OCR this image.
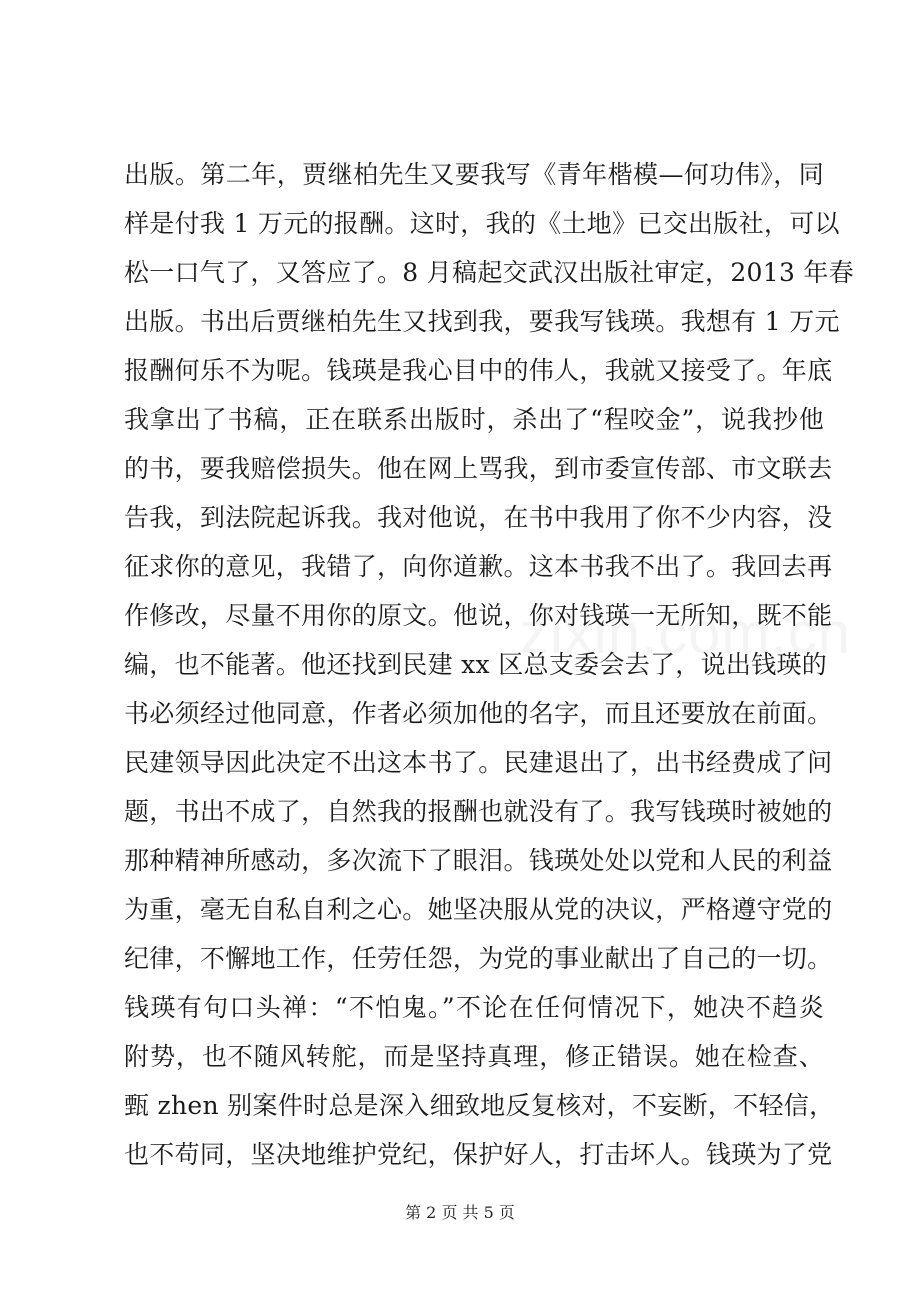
出版。第二年，贾继柏先生又要我写《青年楷模—何功伟》，同
样是付我 1 万元的报酬。这时，我的《土地》已交出版社，可以
松一口气了，又答应了。8 月稿起交武汉出版社审定，2013 年春
出版。书出后贾继柏先生又找到我，要我写钱瑛。我想有 1 万元
报酬何乐不为呢。钱瑛是我心目中的伟人，我就又接受了。年底
我拿出了书稿，正在联系出版时，杀出了“程咬金”，说我抄他
的书，要我赔偿损失。他在网上骂我，到市委宣传部、市文联去
告我，到法院起诉我。我对他说，在书中我用了你不少内容，没
征求你的意见，我错了，向你道歉。这本书我不出了。我回去再
作修改，尽量不用你的原文。他说，你对钱瑛一无所知，既不能
编，也不能著。他还找到民建 xx 区总支委会去了，说出钱瑛的
书必须经过他同意，作者必须加他的名字，而且还要放在前面。
民建领导因此决定不出这本书了。民建退出了，出书经费成了问
题，书出不成了，自然我的报酬也就没有了。我写钱瑛时被她的
那种精神所感动，多次流下了眼泪。钱瑛处处以党和人民的利益
为重，毫无自私自利之心。她坚决服从党的决议，严格遵守党的
纪律，不懈地工作，任劳任怨，为党的事业献出了自己的一切。
钱瑛有句口头禅：“不怕鬼。”不论在任何情况下，她决不趋炎
附势，也不随风转舵，而是坚持真理，修正错误。她在检查、
甄 zhen 别案件时总是深入细致地反复核对，不妄断，不轻信，
也不苟同，坚决地维护党纪，保护好人，打击坏人。钱瑛为了党
第 2 页 共 5 页
